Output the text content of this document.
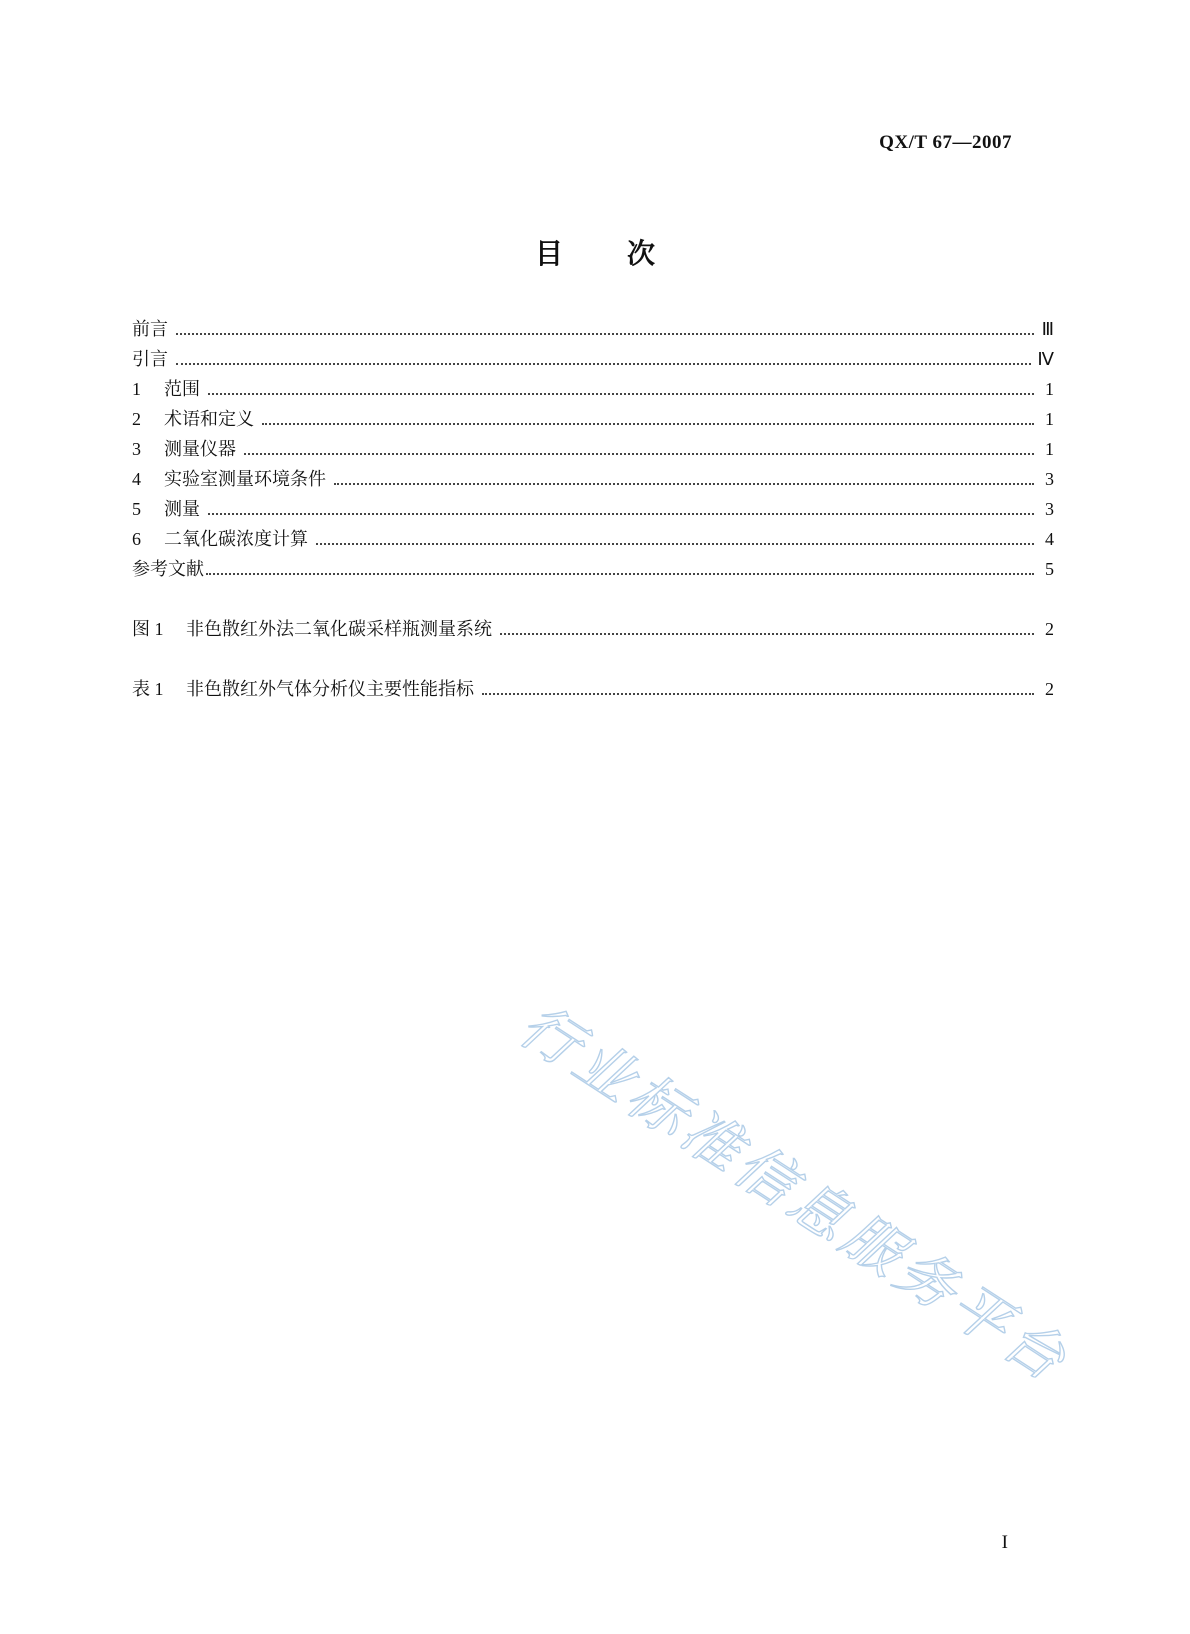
QX/T 67—2007
目 次
前言	Ⅲ
引言	Ⅳ
1	范围	1
2	术语和定义	1
3	测量仪器	1
4	实验室测量环境条件	3
5	测量	3
6	二氧化碳浓度计算	4
参考文献	5
图 1	非色散红外法二氧化碳采样瓶测量系统	2
表 1	非色散红外气体分析仪主要性能指标	2
行业标准信息服务平台
I
